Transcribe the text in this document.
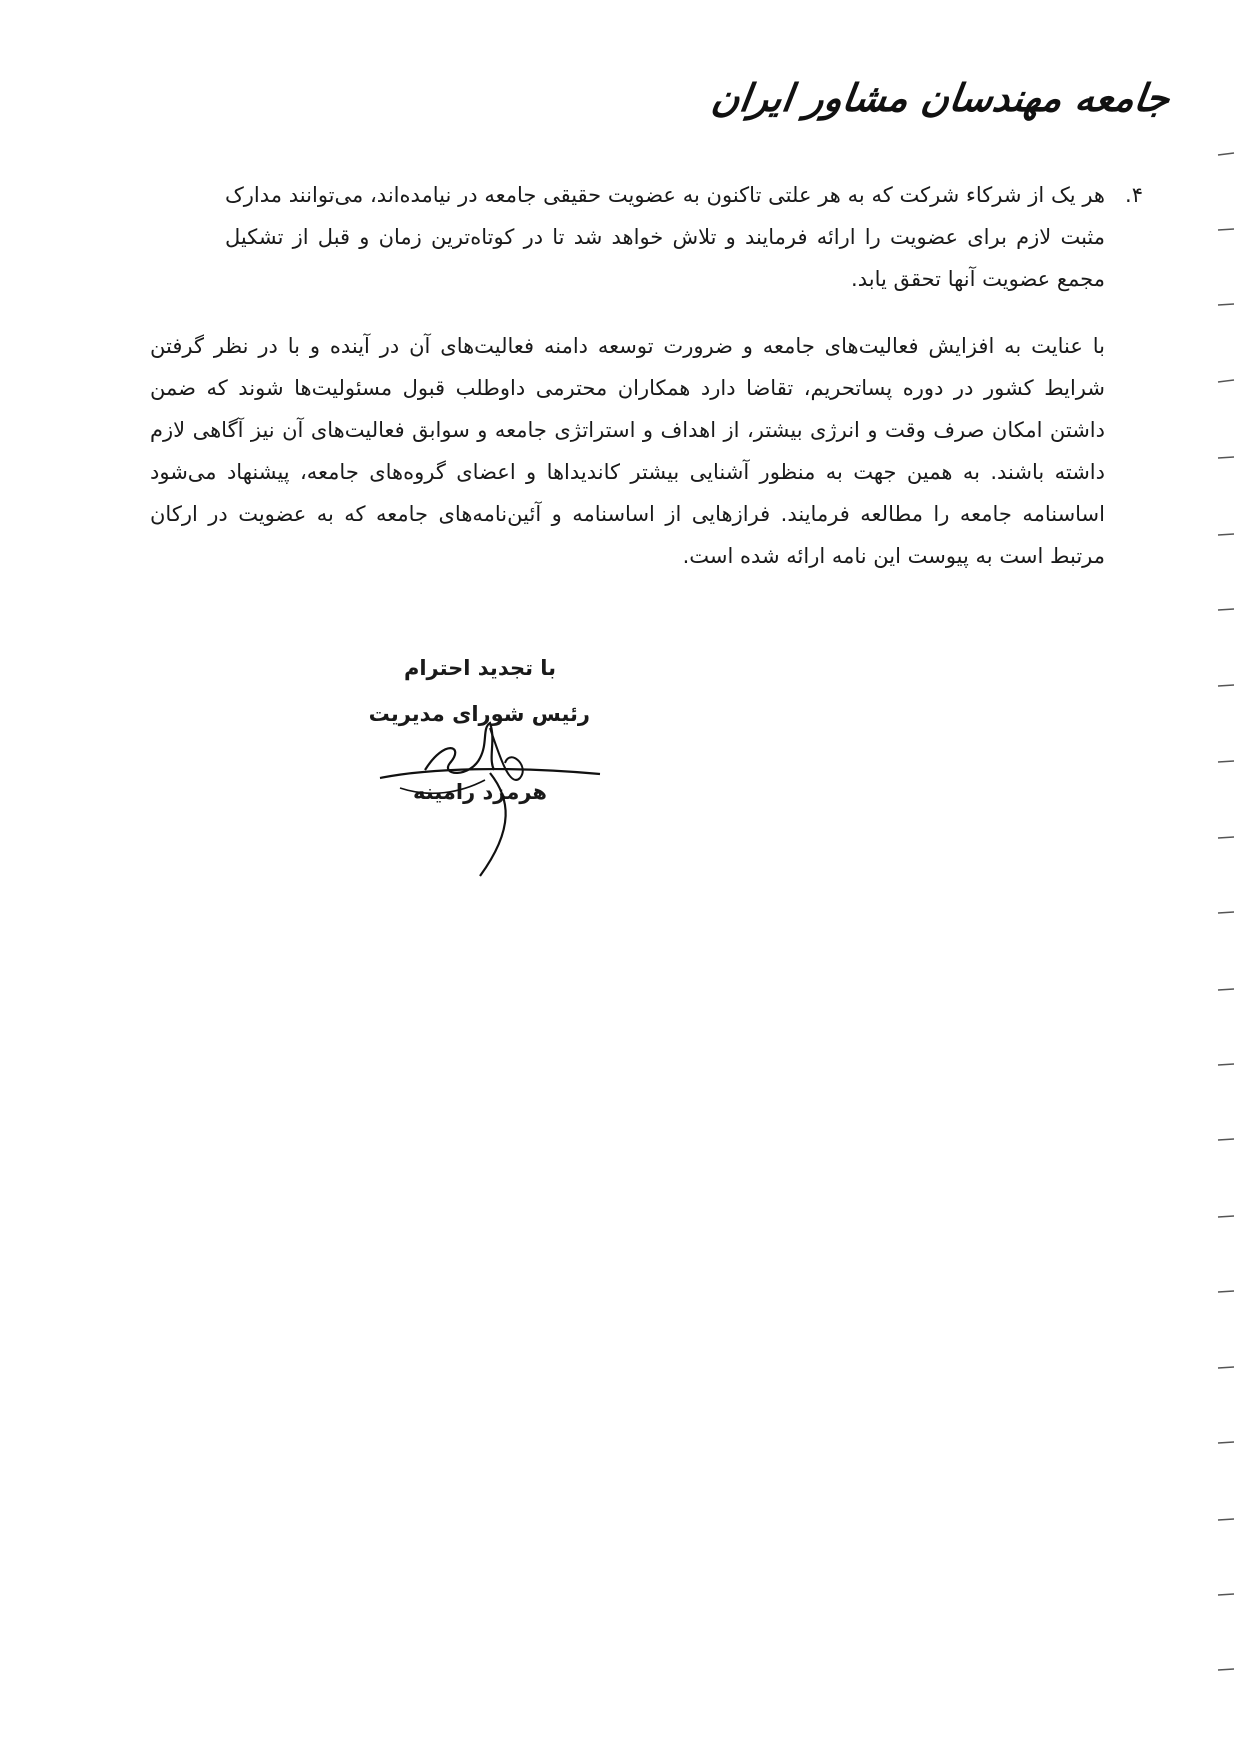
جامعه مهندسان مشاور ایران
۴.
هر یک از شرکاء شرکت که به هر علتی تاکنون به عضویت حقیقی جامعه در نیامده‌اند، می‌توانند مدارک مثبت لازم برای عضویت را ارائه فرمایند و تلاش خواهد شد تا در کوتاه‌ترین زمان و قبل از تشکیل مجمع عضویت آنها تحقق یابد.
با عنایت به افزایش فعالیت‌های جامعه و ضرورت توسعه دامنه فعالیت‌های آن در آینده و با در نظر گرفتن شرایط کشور در دوره پساتحریم، تقاضا دارد همکاران محترمی داوطلب قبول مسئولیت‌ها شوند که ضمن داشتن امکان صرف وقت و انرژی بیشتر، از اهداف و استراتژی جامعه و سوابق فعالیت‌های آن نیز آگاهی لازم داشته باشند. به همین جهت به منظور آشنایی بیشتر کاندیداها و اعضای گروه‌های جامعه، پیشنهاد می‌شود اساسنامه جامعه را مطالعه فرمایند. فرازهایی از اساسنامه و آئین‌نامه‌های جامعه که به عضویت در ارکان مرتبط است به پیوست این نامه ارائه شده است.
با تجدید احترام
رئیس شورای مدیریت
هرمزد رامینه
